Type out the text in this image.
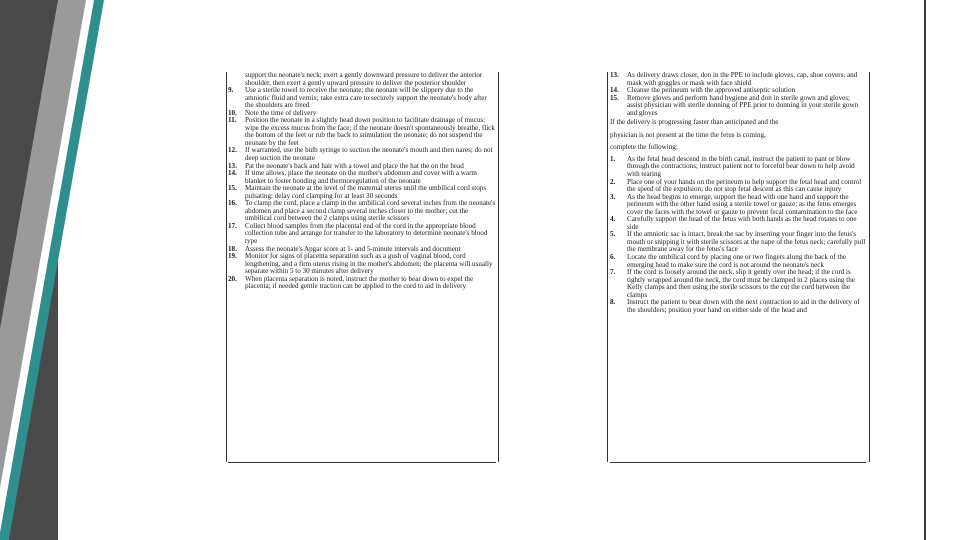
support the neonate's neck; exert a gently downward pressure to deliver the anterior shoulder, then exert a gently upward pressure to deliver the posterior shoulder
9.	Use a sterile towel to receive the neonate; the neonate will be slippery due to the amniotic fluid and vernix; take extra care to securely support the neonate's body after the shoulders are freed
10.	Note the time of delivery
11.	Position the neonate in a slightly head down position to facilitate drainage of mucus; wipe the excess mucus from the face; if the neonate doesn't spontaneously breathe, flick the bottom of the feet or rub the back to stimulation the neonate; do not suspend the neonate by the feet
12.	If warranted, use the bulb syringe to suction the neonate's mouth and then nares; do not deep suction the neonate
13.	Pat the neonate's back and hair with a towel and place the hat the on the head
14.	If time allows, place the neonate on the mother's abdomen and cover with a warm blanket to foster bonding and thermoregulation of the neonate
15.	Maintain the neonate at the level of the maternal uterus until the umbilical cord stops pulsating; delay cord clamping for at least 30 seconds
16.	To clamp the cord, place a clamp in the umbilical cord several inches from the neonate's abdomen and place a second clamp several inches closer to the mother; cut the umbilical cord between the 2 clamps using sterile scissors
17.	Collect blood samples from the placental end of the cord in the appropriate blood collection tube and arrange for transfer to the laboratory to determine neonate's blood type
18.	Assess the neonate's Apgar score at 1- and 5-minute intervals and document
19.	Monitor for signs of placenta separation such as a gush of vaginal blood, cord lengthening, and a firm uterus rising in the mother's abdomen; the placenta will usually separate within 5 to 30 minutes after delivery
20.	When placenta separation is noted, instruct the mother to bear down to expel the placenta; if needed gentle traction can be applied to the cord to aid in delivery
13.	As delivery draws closer, don in the PPE to include gloves, cap, shoe covers, and mask with goggles or mask with face shield
14.	Cleanse the perineum with the approved antiseptic solution
15.	Remove gloves and perform hand hygiene and don in sterile gown and gloves; assist physician with sterile donning of PPE prior to donning in your sterile gown and gloves
If the delivery is progressing faster than anticipated and the
physician is not present at the time the fetus is coming,
complete the following:
1.	As the fetal head descend in the birth canal, instruct the patient to pant or blow through the contractions; instruct patient not to forceful bear down to help avoid with tearing
2.	Place one of your hands on the perineum to help support the fetal head and control the speed of the expulsion; do not stop fetal descent as this can cause injury
3.	As the head begins to emerge, support the head with one hand and support the perineum with the other hand using a sterile towel or gauze; as the fetus emerges cover the faces with the towel or gauze to prevent fecal contamination to the face
4.	Carefully support the head of the fetus with both hands as the head rotates to one side
5.	If the amniotic sac is intact, break the sac by inserting your finger into the fetus's mouth or snipping it with sterile scissors at the nape of the fetus neck; carefully pull the membrane away for the fetus's face
6.	Locate the umbilical cord by placing one or two fingers along the back of the emerging head to make sure the cord is not around the neonate's neck
7.	If the cord is loosely around the neck, slip it gently over the head; if the cord is tightly wrapped around the neck, the cord must be clamped in 2 places using the Kelly clamps and then using the sterile scissors to the cut the cord between the clamps
8.	Instruct the patient to bear down with the next contraction to aid in the delivery of the shoulders; position your hand on either side of the head and
